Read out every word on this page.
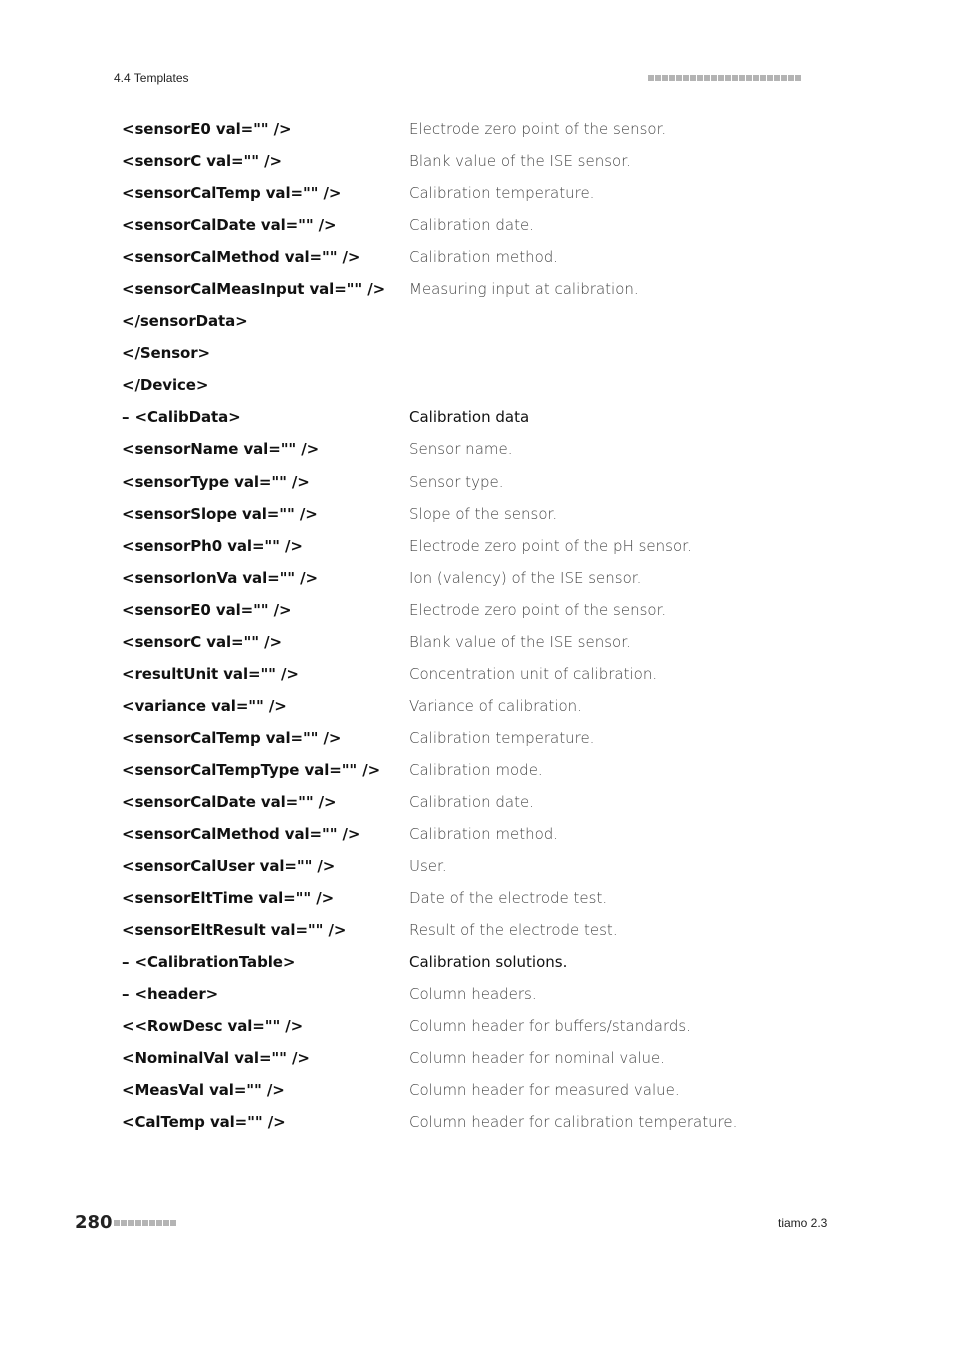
4.4 Templates
<sensorE0 val="" />	Electrode zero point of the sensor.
<sensorC val="" />	Blank value of the ISE sensor.
<sensorCalTemp val="" />	Calibration temperature.
<sensorCalDate val="" />	Calibration date.
<sensorCalMethod val="" />	Calibration method.
<sensorCalMeasInput val="" />	Measuring input at calibration.
</sensorData>
</Sensor>
</Device>
– <CalibData>	Calibration data
<sensorName val="" />	Sensor name.
<sensorType val="" />	Sensor type.
<sensorSlope val="" />	Slope of the sensor.
<sensorPh0 val="" />	Electrode zero point of the pH sensor.
<sensorIonVa val="" />	Ion (valency) of the ISE sensor.
<sensorE0 val="" />	Electrode zero point of the sensor.
<sensorC val="" />	Blank value of the ISE sensor.
<resultUnit val="" />	Concentration unit of calibration.
<variance val="" />	Variance of calibration.
<sensorCalTemp val="" />	Calibration temperature.
<sensorCalTempType val="" />	Calibration mode.
<sensorCalDate val="" />	Calibration date.
<sensorCalMethod val="" />	Calibration method.
<sensorCalUser val="" />	User.
<sensorEltTime val="" />	Date of the electrode test.
<sensorEltResult val="" />	Result of the electrode test.
– <CalibrationTable>	Calibration solutions.
– <header>	Column headers.
<<RowDesc val="" />	Column header for buffers/standards.
<NominalVal val="" />	Column header for nominal value.
<MeasVal val="" />	Column header for measured value.
<CalTemp val="" />	Column header for calibration temperature.
280	tiamo 2.3
